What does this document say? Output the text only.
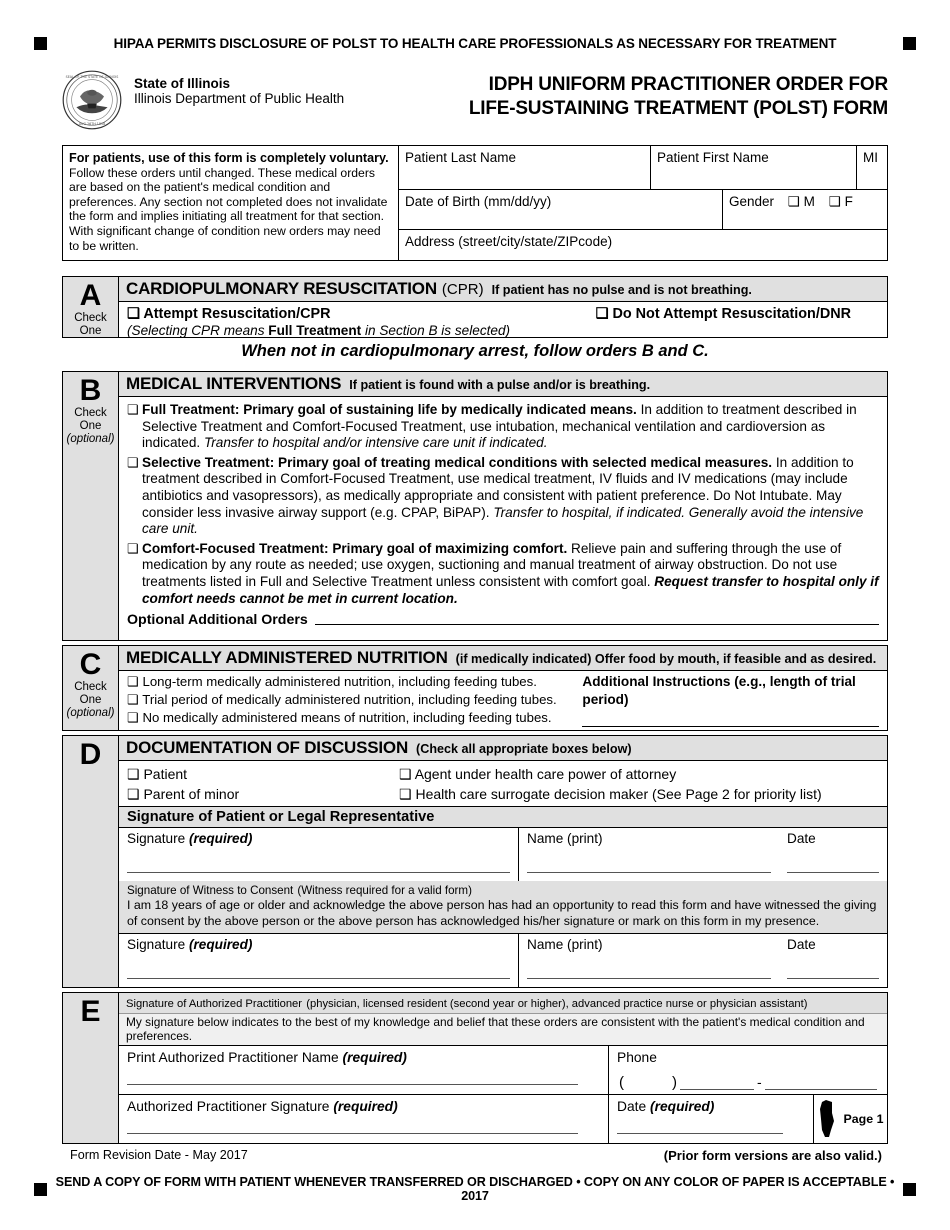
HIPAA PERMITS DISCLOSURE OF POLST TO HEALTH CARE PROFESSIONALS AS NECESSARY FOR TREATMENT
SEAL OF THE STATE OF ILLINOIS
AUG 26TH 1818
State of Illinois
Illinois Department of Public Health
IDPH UNIFORM PRACTITIONER ORDER FOR
LIFE-SUSTAINING TREATMENT (POLST) FORM
For patients, use of this form is completely voluntary. Follow these orders until changed. These medical orders are based on the patient's medical condition and preferences. Any section not completed does not invalidate the form and implies initiating all treatment for that section. With significant change of condition new orders may need to be written.
Patient Last Name	Patient First Name	MI
Date of Birth (mm/dd/yy)	Gender ❑ M ❑ F
Address (street/city/state/ZIPcode)
A
Check
One
CARDIOPULMONARY RESUSCITATION (CPR) If patient has no pulse and is not breathing.
❑ Attempt Resuscitation/CPR	❑ Do Not Attempt Resuscitation/DNR
(Selecting CPR means Full Treatment in Section B is selected)
When not in cardiopulmonary arrest, follow orders B and C.
B
Check
One
(optional)
MEDICAL INTERVENTIONS If patient is found with a pulse and/or is breathing.
❑ Full Treatment: Primary goal of sustaining life by medically indicated means. In addition to treatment described in Selective Treatment and Comfort-Focused Treatment, use intubation, mechanical ventilation and cardioversion as indicated. Transfer to hospital and/or intensive care unit if indicated.
❑ Selective Treatment: Primary goal of treating medical conditions with selected medical measures. In addition to treatment described in Comfort-Focused Treatment, use medical treatment, IV fluids and IV medications (may include antibiotics and vasopressors), as medically appropriate and consistent with patient preference. Do Not Intubate. May consider less invasive airway support (e.g. CPAP, BiPAP). Transfer to hospital, if indicated. Generally avoid the intensive care unit.
❑ Comfort-Focused Treatment: Primary goal of maximizing comfort. Relieve pain and suffering through the use of medication by any route as needed; use oxygen, suctioning and manual treatment of airway obstruction. Do not use treatments listed in Full and Selective Treatment unless consistent with comfort goal. Request transfer to hospital only if comfort needs cannot be met in current location.
Optional Additional Orders
C
Check
One
(optional)
MEDICALLY ADMINISTERED NUTRITION (if medically indicated) Offer food by mouth, if feasible and as desired.
❑ Long-term medically administered nutrition, including feeding tubes.
❑ Trial period of medically administered nutrition, including feeding tubes.
❑ No medically administered means of nutrition, including feeding tubes.
Additional Instructions (e.g., length of trial period)
D	DOCUMENTATION OF DISCUSSION (Check all appropriate boxes below)
❑ Patient
❑ Parent of minor
❑ Agent under health care power of attorney
❑ Health care surrogate decision maker (See Page 2 for priority list)
Signature of Patient or Legal Representative
Signature (required)	Name (print)	Date
Signature of Witness to Consent (Witness required for a valid form)
I am 18 years of age or older and acknowledge the above person has had an opportunity to read this form and have witnessed the giving of consent by the above person or the above person has acknowledged his/her signature or mark on this form in my presence.
Signature (required)	Name (print)	Date
E	Signature of Authorized Practitioner (physician, licensed resident (second year or higher), advanced practice nurse or physician assistant)
My signature below indicates to the best of my knowledge and belief that these orders are consistent with the patient's medical condition and preferences.
Print Authorized Practitioner Name (required)	Phone
(	)	-
Authorized Practitioner Signature (required)	Date (required)
Page 1
Form Revision Date - May 2017	(Prior form versions are also valid.)
SEND A COPY OF FORM WITH PATIENT WHENEVER TRANSFERRED OR DISCHARGED • COPY ON ANY COLOR OF PAPER IS ACCEPTABLE • 2017
